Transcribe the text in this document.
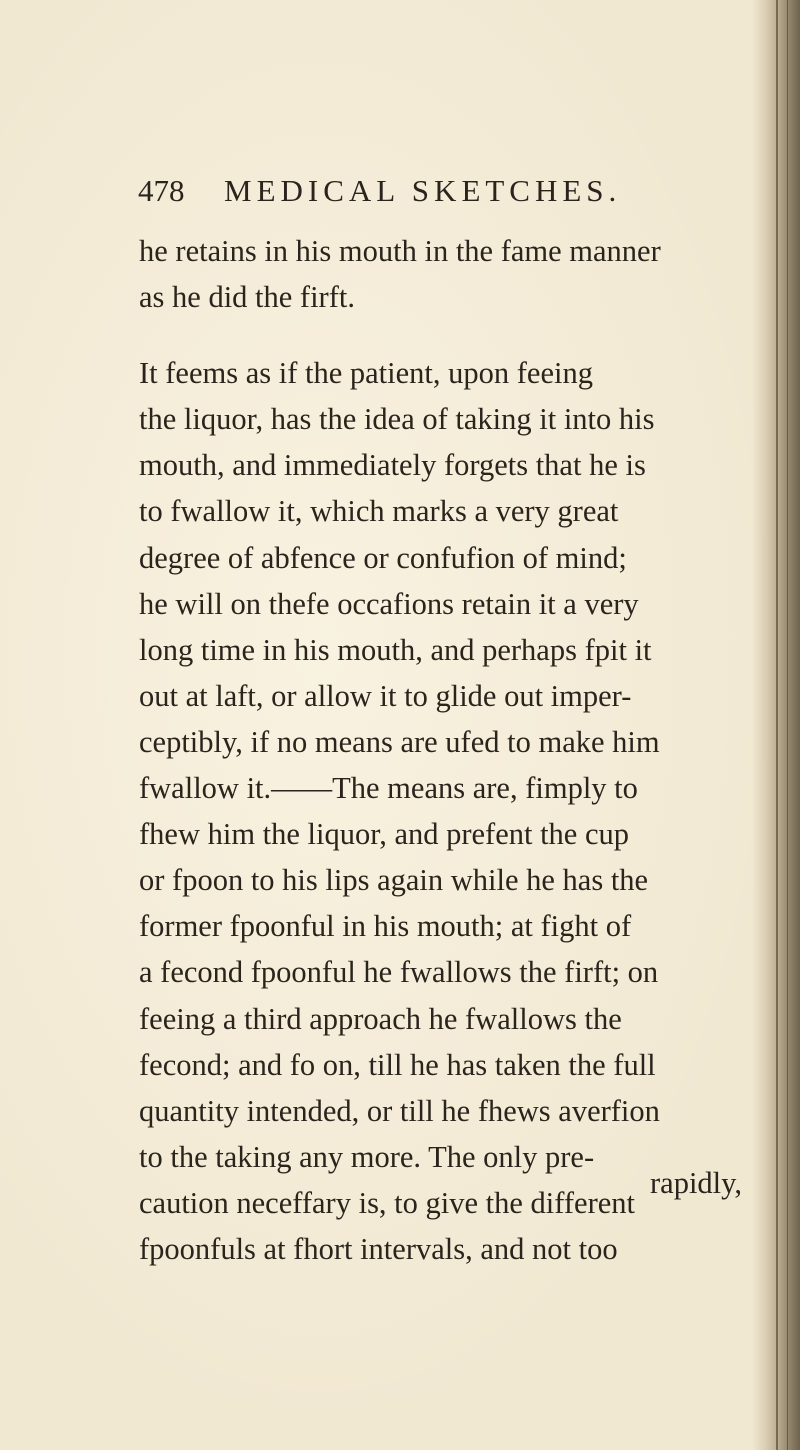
478 MEDICAL SKETCHES.
he retains in his mouth in the fame manner
as he did the firft.
It feems as if the patient, upon feeing
the liquor, has the idea of taking it into his
mouth, and immediately forgets that he is
to fwallow it, which marks a very great
degree of abfence or confufion of mind;
he will on thefe occafions retain it a very
long time in his mouth, and perhaps fpit it
out at laft, or allow it to glide out imper-
ceptibly, if no means are ufed to make him
fwallow it.——The means are, fimply to
fhew him the liquor, and prefent the cup
or fpoon to his lips again while he has the
former fpoonful in his mouth; at fight of
a fecond fpoonful he fwallows the firft; on
feeing a third approach he fwallows the
fecond; and fo on, till he has taken the full
quantity intended, or till he fhews averfion
to the taking any more. The only pre-
caution neceffary is, to give the different
fpoonfuls at fhort intervals, and not too
rapidly,
